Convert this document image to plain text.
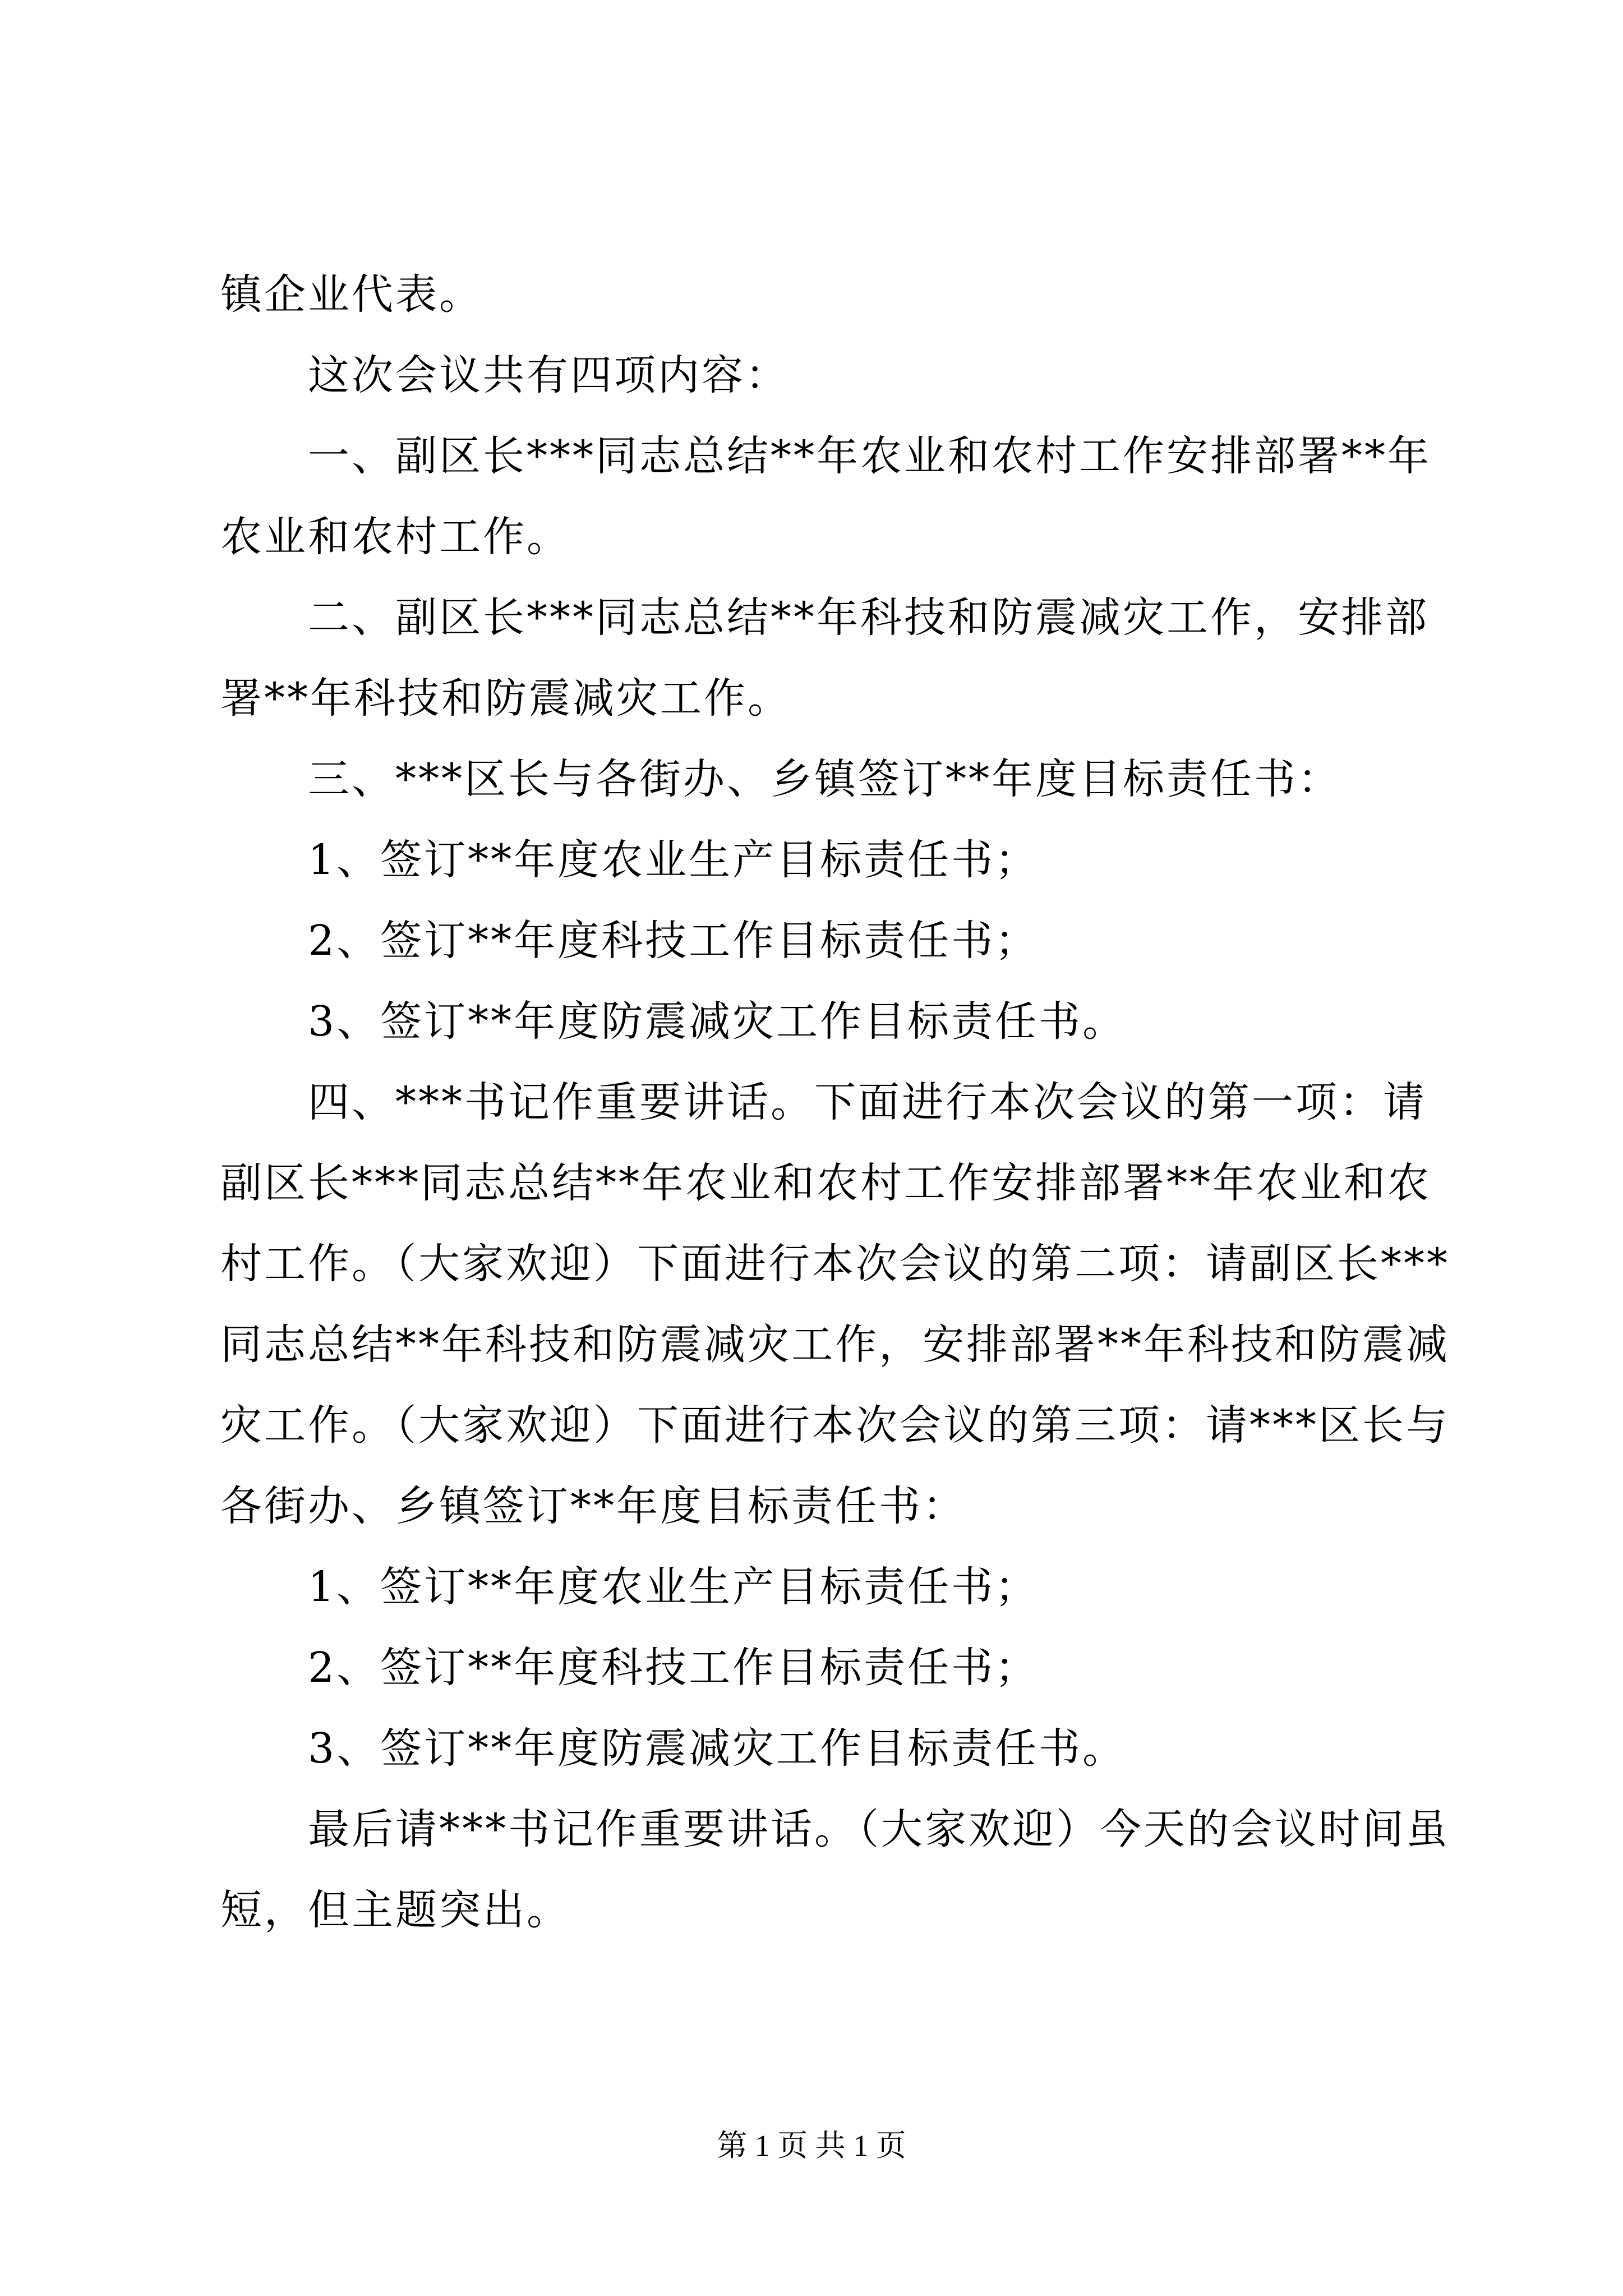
镇企业代表。
　　这次会议共有四项内容：
　　一、副区长***同志总结**年农业和农村工作安排部署**年
农业和农村工作。
　　二、副区长***同志总结**年科技和防震减灾工作，安排部
署**年科技和防震减灾工作。
　　三、***区长与各街办、乡镇签订**年度目标责任书：
　　1、签订**年度农业生产目标责任书；
　　2、签订**年度科技工作目标责任书；
　　3、签订**年度防震减灾工作目标责任书。
　　四、***书记作重要讲话。下面进行本次会议的第一项：请
副区长***同志总结**年农业和农村工作安排部署**年农业和农
村工作。（大家欢迎）下面进行本次会议的第二项：请副区长***
同志总结**年科技和防震减灾工作，安排部署**年科技和防震减
灾工作。（大家欢迎）下面进行本次会议的第三项：请***区长与
各街办、乡镇签订**年度目标责任书：
　　1、签订**年度农业生产目标责任书；
　　2、签订**年度科技工作目标责任书；
　　3、签订**年度防震减灾工作目标责任书。
　　最后请***书记作重要讲话。（大家欢迎）今天的会议时间虽
短，但主题突出。
第 1 页 共 1 页
